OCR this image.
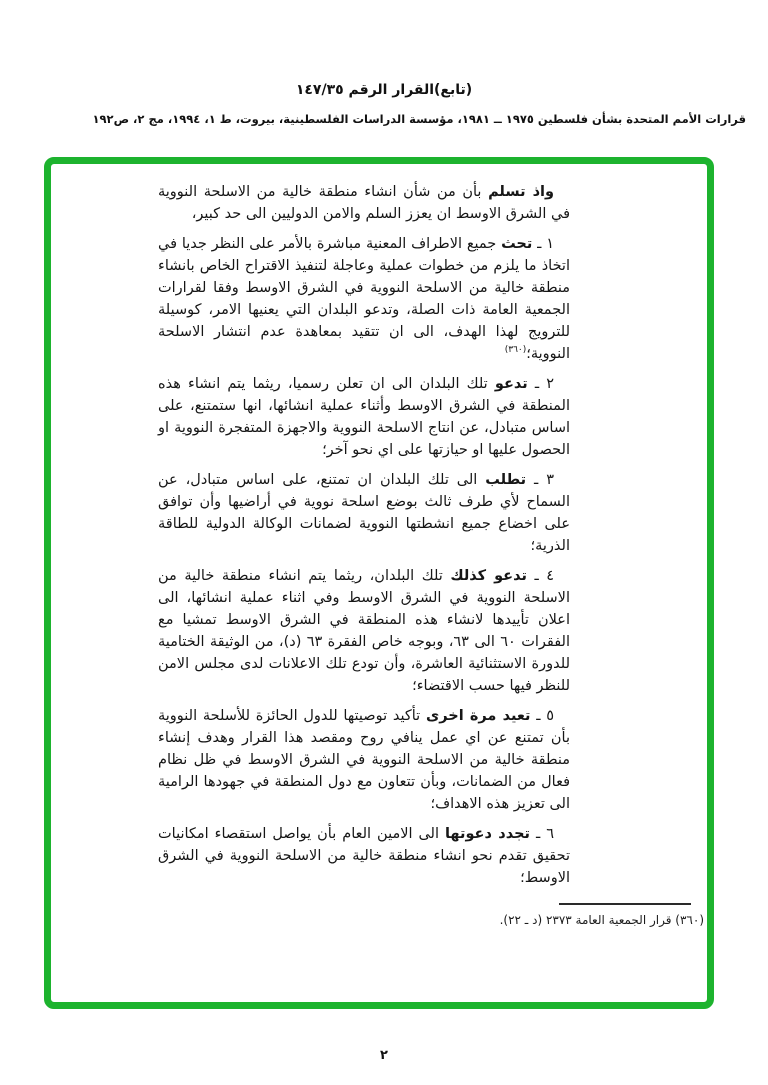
(تابع)القرار الرقم ١٤٧/٣٥
قرارات الأمم المتحدة بشأن فلسطين ١٩٧٥ ــ ١٩٨١، مؤسسة الدراسات الفلسطينية، بيروت، ط ١، ١٩٩٤، مج ٢، ص١٩٢

واذ تسلم بأن من شأن انشاء منطقة خالية من الاسلحة النووية في الشرق الاوسط ان يعزز السلم والامن الدوليين الى حد كبير،

١ ـ تحث جميع الاطراف المعنية مباشرة بالأمر على النظر جديا في اتخاذ ما يلزم من خطوات عملية وعاجلة لتنفيذ الاقتراح الخاص بانشاء منطقة خالية من الاسلحة النووية في الشرق الاوسط وفقا لقرارات الجمعية العامة ذات الصلة، وتدعو البلدان التي يعنيها الامر، كوسيلة للترويج لهذا الهدف، الى ان تتقيد بمعاهدة عدم انتشار الاسلحة النووية؛$^{(٣٦٠)}$

٢ ـ تدعو تلك البلدان الى ان تعلن رسميا، ريثما يتم انشاء هذه المنطقة في الشرق الاوسط وأثناء عملية انشائها، انها ستمتنع، على اساس متبادل، عن انتاج الاسلحة النووية والاجهزة المتفجرة النووية او الحصول عليها او حيازتها على اي نحو آخر؛

٣ ـ تطلب الى تلك البلدان ان تمتنع، على اساس متبادل، عن السماح لأي طرف ثالث بوضع اسلحة نووية في أراضيها وأن توافق على اخضاع جميع انشطتها النووية لضمانات الوكالة الدولية للطاقة الذرية؛

٤ ـ تدعو كذلك تلك البلدان، ريثما يتم انشاء منطقة خالية من الاسلحة النووية في الشرق الاوسط وفي اثناء عملية انشائها، الى اعلان تأييدها لانشاء هذه المنطقة في الشرق الاوسط تمشيا مع الفقرات ٦٠ الى ٦٣، وبوجه خاص الفقرة ٦٣ (د)، من الوثيقة الختامية للدورة الاستثنائية العاشرة، وأن تودع تلك الاعلانات لدى مجلس الامن للنظر فيها حسب الاقتضاء؛

٥ ـ تعيد مرة اخرى تأكيد توصيتها للدول الحائزة للأسلحة النووية بأن تمتنع عن اي عمل ينافي روح ومقصد هذا القرار وهدف إنشاء منطقة خالية من الاسلحة النووية في الشرق الاوسط في ظل نظام فعال من الضمانات، وبأن تتعاون مع دول المنطقة في جهودها الرامية الى تعزيز هذه الاهداف؛

٦ ـ تجدد دعوتها الى الامين العام بأن يواصل استقصاء امكانيات تحقيق تقدم نحو انشاء منطقة خالية من الاسلحة النووية في الشرق الاوسط؛

(٣٦٠) قرار الجمعية العامة ٢٣٧٣ (د ـ ٢٢).
٢
